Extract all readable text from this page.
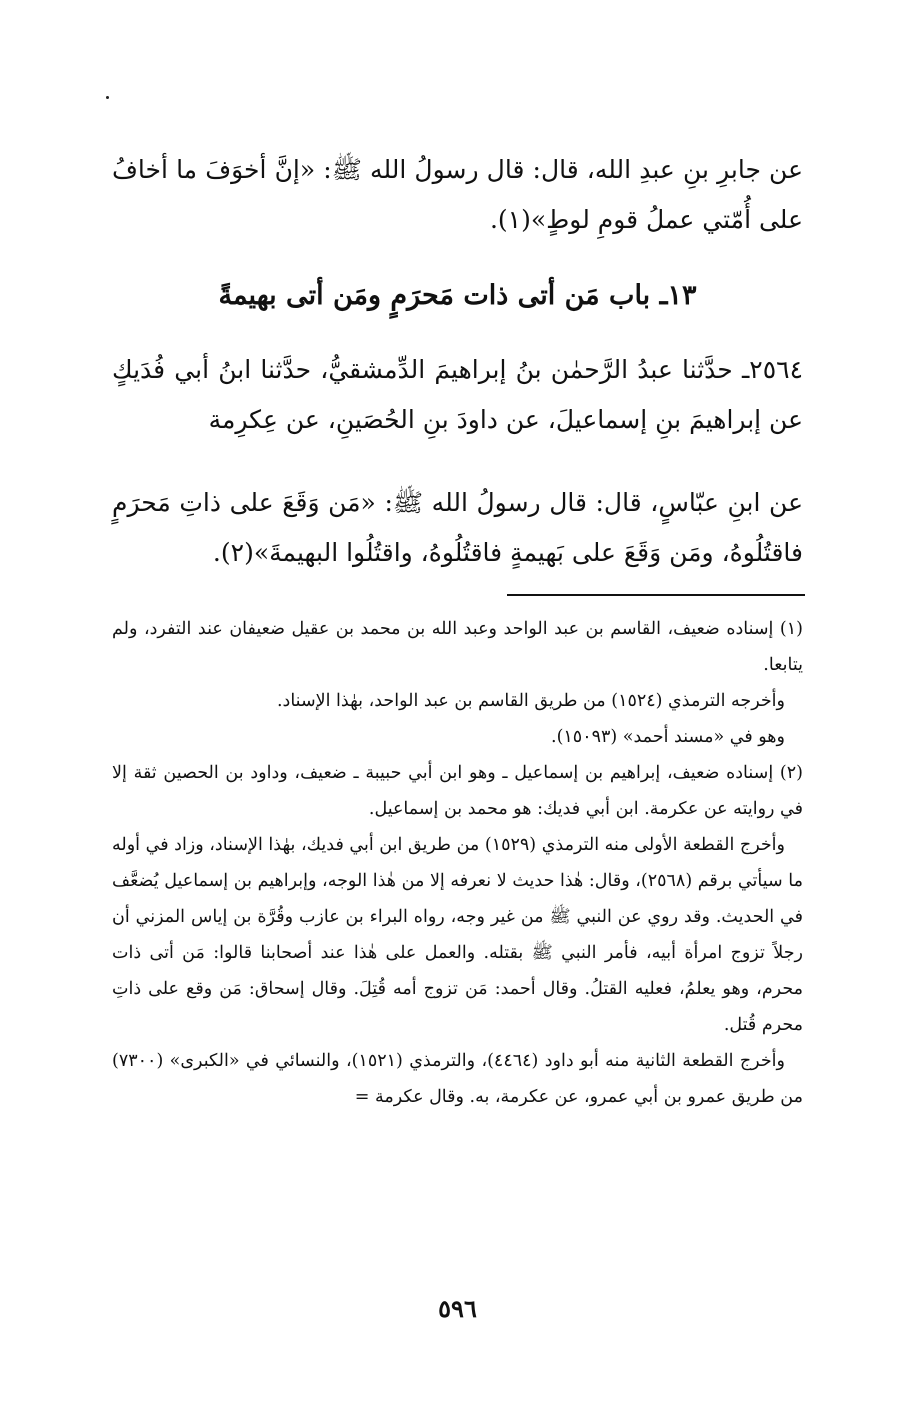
عن جابرِ بنِ عبدِ الله، قال: قال رسولُ الله ﷺ: «إنَّ أخوَفَ ما أخافُ على أُمّتي عملُ قومِ لوطٍ»(١).
١٣ـ باب مَن أتى ذات مَحرَمٍ ومَن أتى بهيمةً
٢٥٦٤ـ حدَّثنا عبدُ الرَّحمٰن بنُ إبراهيمَ الدِّمشقيُّ، حدَّثنا ابنُ أبي فُدَيكٍ عن إبراهيمَ بنِ إسماعيلَ، عن داودَ بنِ الحُصَينِ، عن عِكرِمة
عن ابنِ عبّاسٍ، قال: قال رسولُ الله ﷺ: «مَن وَقَعَ على ذاتِ مَحرَمٍ فاقتُلُوهُ، ومَن وَقَعَ على بَهيمةٍ فاقتُلُوهُ، واقتُلُوا البهيمةَ»(٢).
(١) إسناده ضعيف، القاسم بن عبد الواحد وعبد الله بن محمد بن عقيل ضعيفان عند التفرد، ولم يتابعا.
وأخرجه الترمذي (١٥٢٤) من طريق القاسم بن عبد الواحد، بهٰذا الإسناد.
وهو في «مسند أحمد» (١٥٠٩٣).
(٢) إسناده ضعيف، إبراهيم بن إسماعيل ـ وهو ابن أبي حبيبة ـ ضعيف، وداود بن الحصين ثقة إلا في روايته عن عكرمة. ابن أبي فديك: هو محمد بن إسماعيل.
وأخرج القطعة الأولى منه الترمذي (١٥٢٩) من طريق ابن أبي فديك، بهٰذا الإسناد، وزاد في أوله ما سيأتي برقم (٢٥٦٨)، وقال: هٰذا حديث لا نعرفه إلا من هٰذا الوجه، وإبراهيم بن إسماعيل يُضعَّف في الحديث. وقد روي عن النبي ﷺ من غير وجه، رواه البراء بن عازب وقُرَّة بن إياس المزني أن رجلاً تزوج امرأة أبيه، فأمر النبي ﷺ بقتله. والعمل على هٰذا عند أصحابنا قالوا: مَن أتى ذات محرم، وهو يعلمُ، فعليه القتلُ. وقال أحمد: مَن تزوج أمه قُتِلَ. وقال إسحاق: مَن وقع على ذاتِ محرم قُتل.
وأخرج القطعة الثانية منه أبو داود (٤٤٦٤)، والترمذي (١٥٢١)، والنسائي في «الكبرى» (٧٣٠٠) من طريق عمرو بن أبي عمرو، عن عكرمة، به. وقال عكرمة =
٥٩٦
